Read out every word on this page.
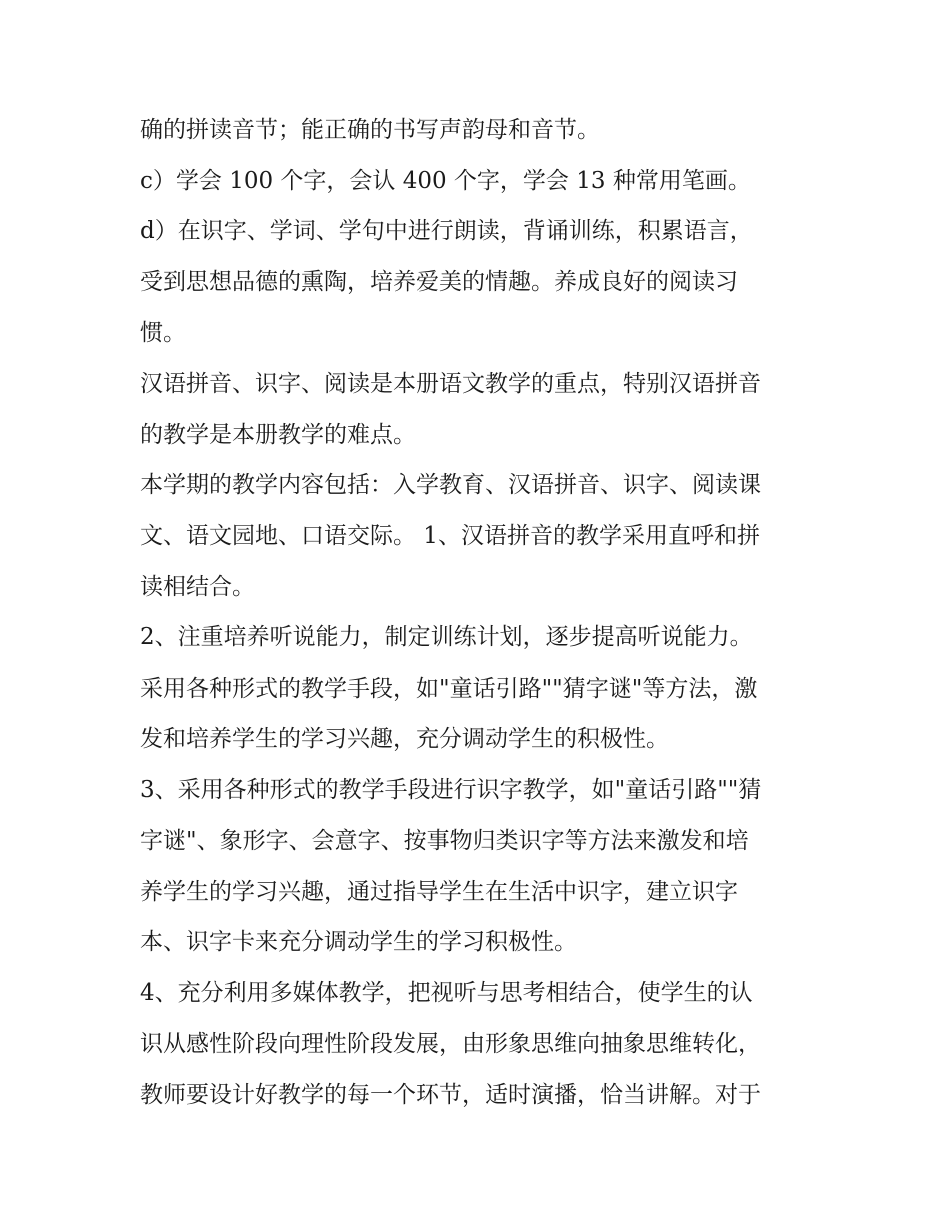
确的拼读音节；能正确的书写声韵母和音节。
c）学会 100 个字，会认 400 个字，学会 13 种常用笔画。
d）在识字、学词、学句中进行朗读，背诵训练，积累语言，
受到思想品德的熏陶，培养爱美的情趣。养成良好的阅读习
惯。
汉语拼音、识字、阅读是本册语文教学的重点，特别汉语拼音
的教学是本册教学的难点。
本学期的教学内容包括：入学教育、汉语拼音、识字、阅读课
文、语文园地、口语交际。 1、汉语拼音的教学采用直呼和拼
读相结合。
2、注重培养听说能力，制定训练计划，逐步提高听说能力。
采用各种形式的教学手段，如"童话引路""猜字谜"等方法，激
发和培养学生的学习兴趣，充分调动学生的积极性。
3、采用各种形式的教学手段进行识字教学，如"童话引路""猜
字谜"、象形字、会意字、按事物归类识字等方法来激发和培
养学生的学习兴趣，通过指导学生在生活中识字，建立识字
本、识字卡来充分调动学生的学习积极性。
4、充分利用多媒体教学，把视听与思考相结合，使学生的认
识从感性阶段向理性阶段发展，由形象思维向抽象思维转化，
教师要设计好教学的每一个环节，适时演播，恰当讲解。对于
